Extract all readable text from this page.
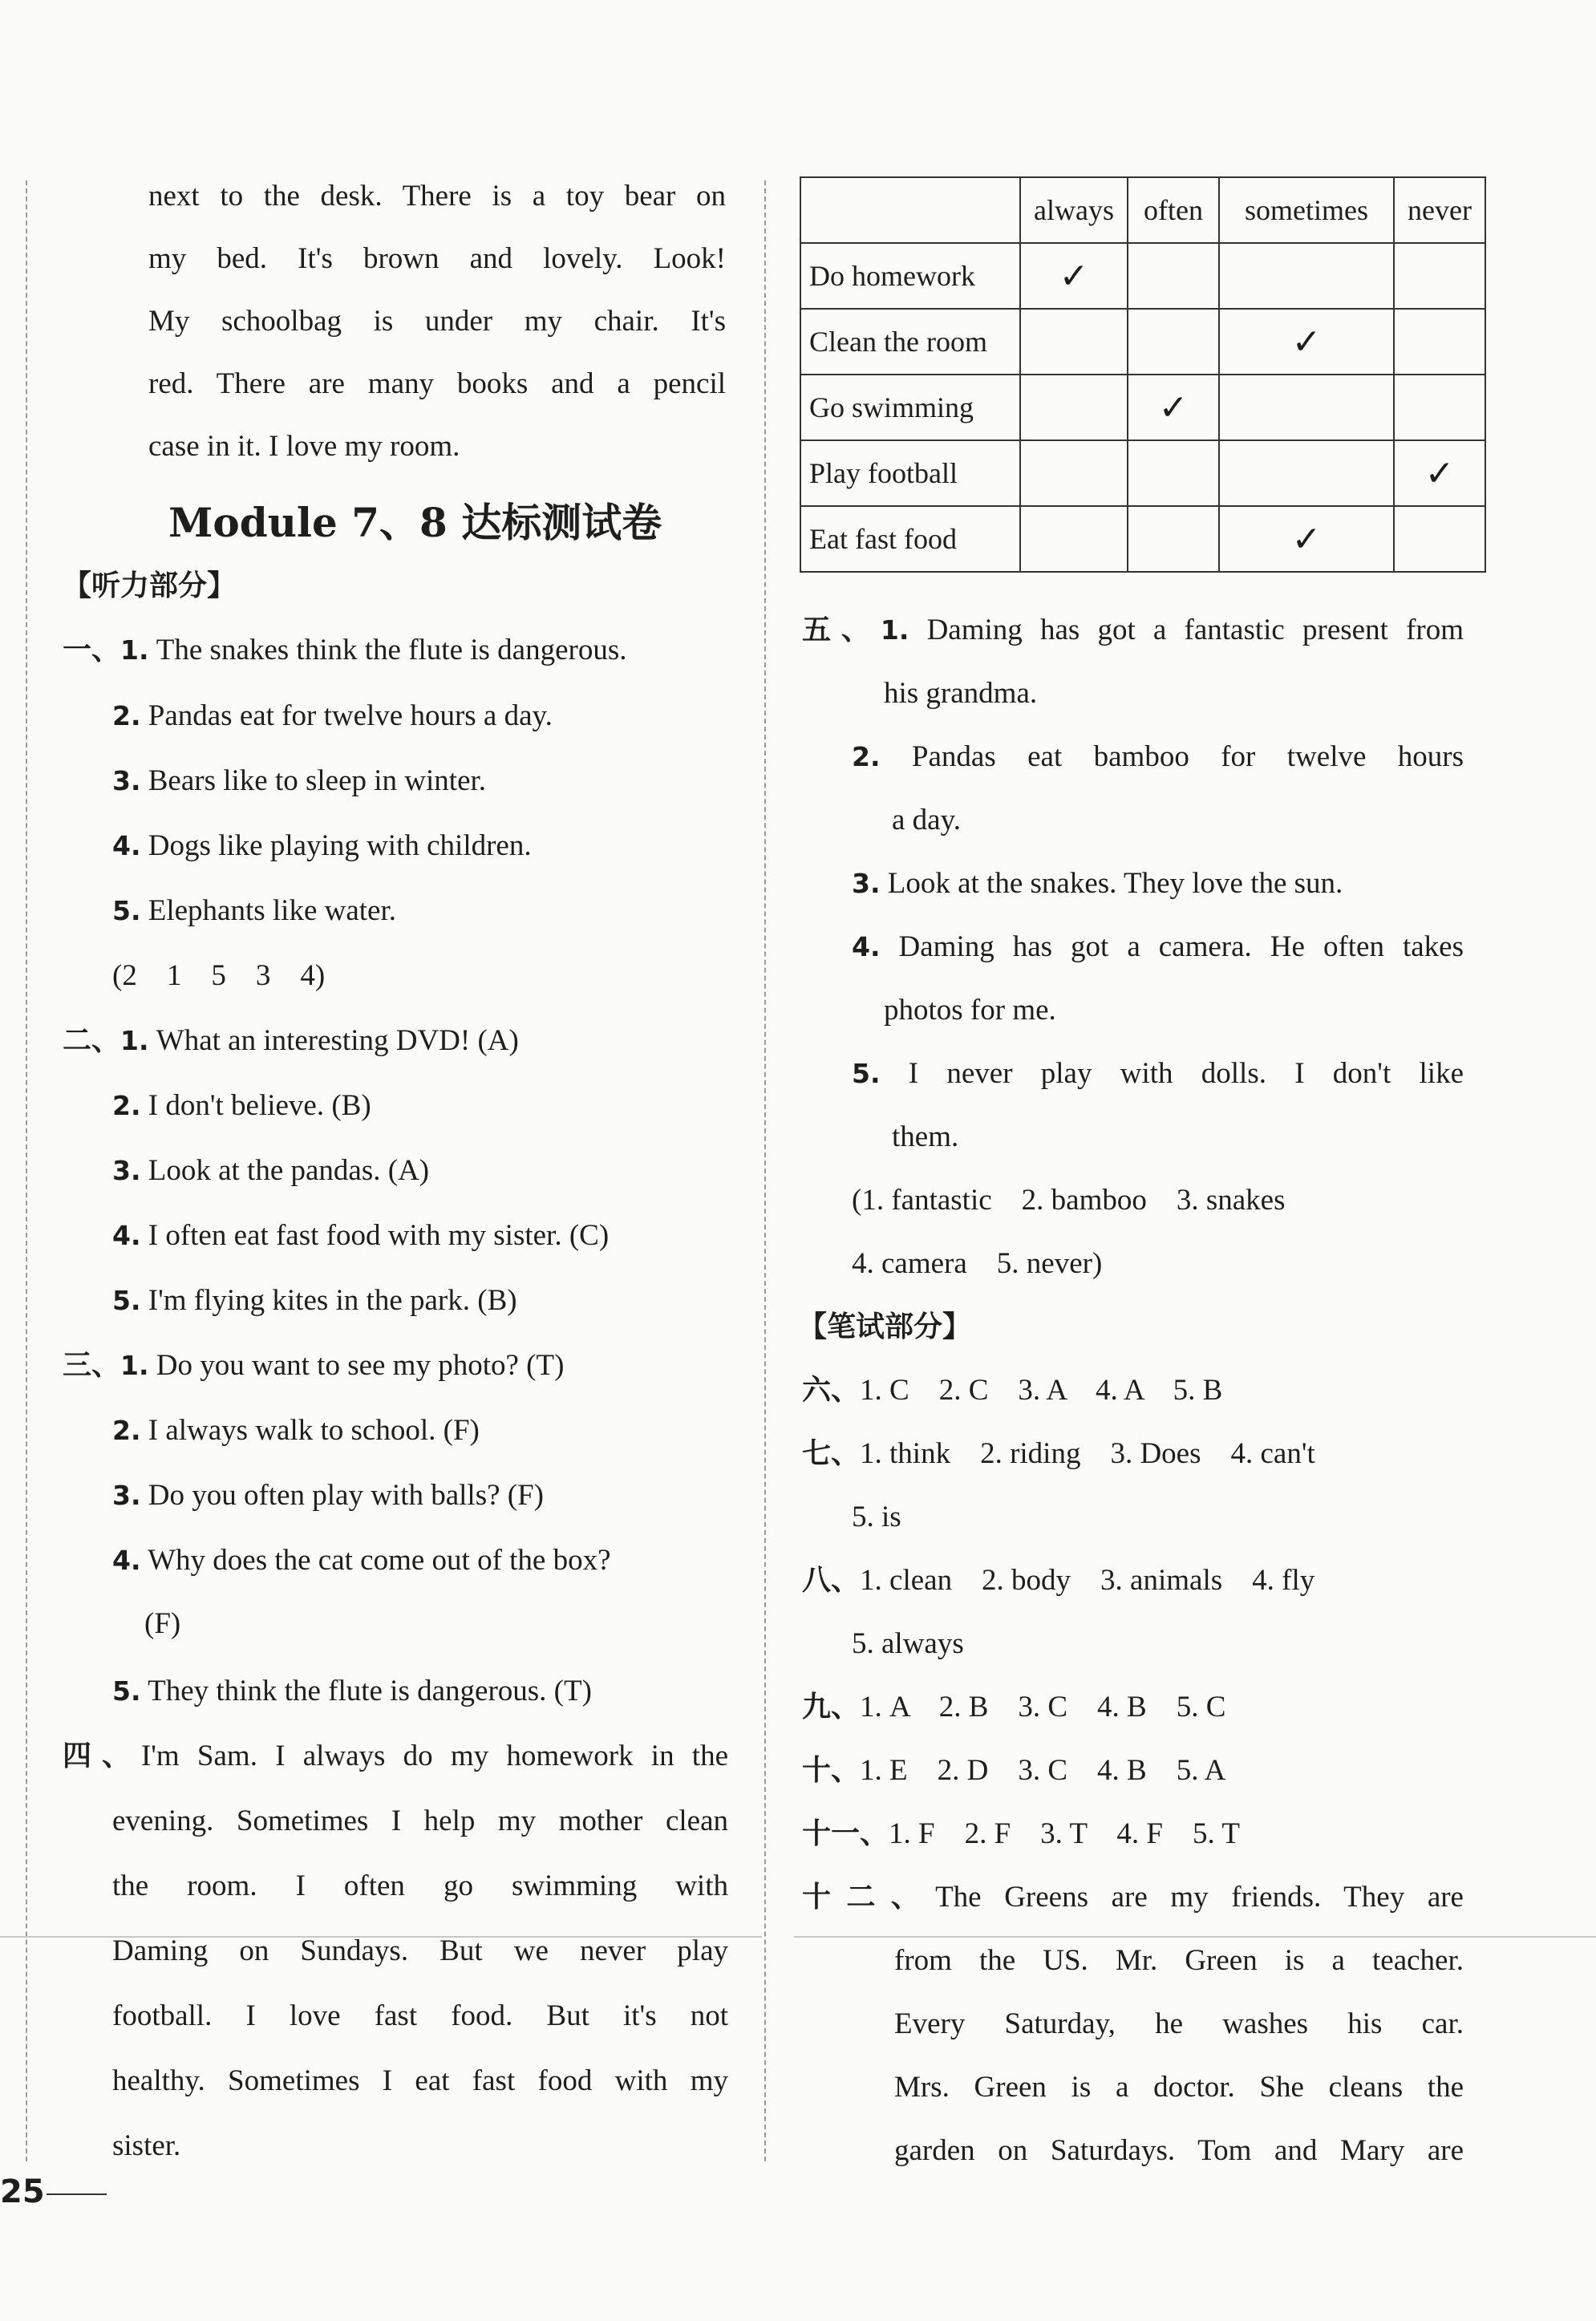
next to the desk. There is a toy bear on
my bed. It's brown and lovely. Look!
My schoolbag is under my chair. It's
red. There are many books and a pencil
case in it. I love my room.
Module 7、8 达标测试卷
【听力部分】
一、1. The snakes think the flute is dangerous.
2. Pandas eat for twelve hours a day.
3. Bears like to sleep in winter.
4. Dogs like playing with children.
5. Elephants like water.
(2　1　5　3　4)
二、1. What an interesting DVD! (A)
2. I don't believe. (B)
3. Look at the pandas. (A)
4. I often eat fast food with my sister. (C)
5. I'm flying kites in the park. (B)
三、1. Do you want to see my photo? (T)
2. I always walk to school. (F)
3. Do you often play with balls? (F)
4. Why does the cat come out of the box?
(F)
5. They think the flute is dangerous. (T)
四、I'm Sam. I always do my homework in the
evening. Sometimes I help my mother clean
the room. I often go swimming with
Daming on Sundays. But we never play
football. I love fast food. But it's not
healthy. Sometimes I eat fast food with my
sister.
	always	often	sometimes	never
Do homework	✓			
Clean the room			✓	
Go swimming		✓		
Play football				✓
Eat fast food			✓	
五、1. Daming has got a fantastic present from
his grandma.
2. Pandas eat bamboo for twelve hours
a day.
3. Look at the snakes. They love the sun.
4. Daming has got a camera. He often takes
photos for me.
5. I never play with dolls. I don't like
them.
(1. fantastic　2. bamboo　3. snakes
4. camera　5. never)
【笔试部分】
六、1. C　2. C　3. A　4. A　5. B
七、1. think　2. riding　3. Does　4. can't
5. is
八、1. clean　2. body　3. animals　4. fly
5. always
九、1. A　2. B　3. C　4. B　5. C
十、1. E　2. D　3. C　4. B　5. A
十一、1. F　2. F　3. T　4. F　5. T
十二、The Greens are my friends. They are
from the US. Mr. Green is a teacher.
Every Saturday, he washes his car.
Mrs. Green is a doctor. She cleans the
garden on Saturdays. Tom and Mary are
25
